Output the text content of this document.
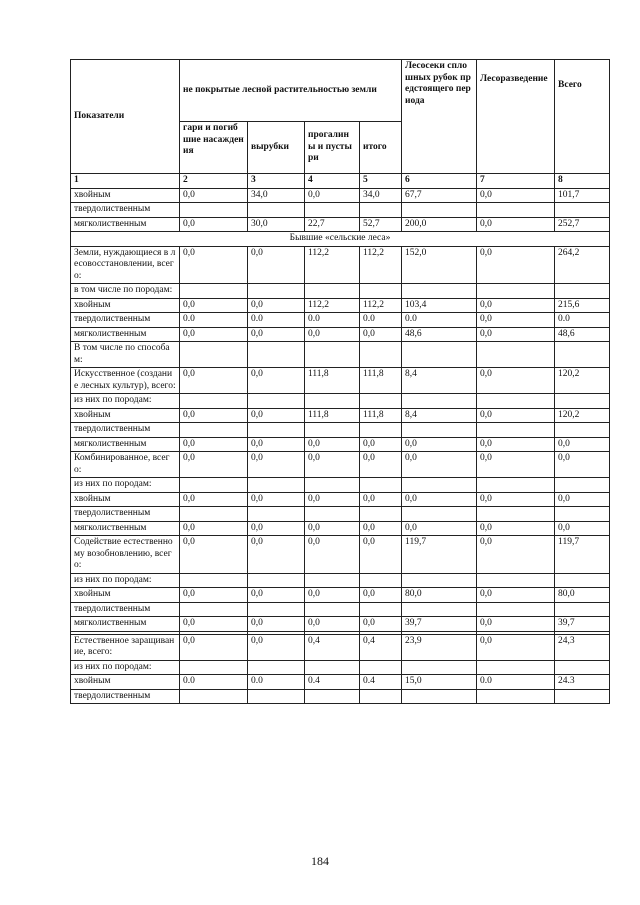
Показатели	не покрытые лесной растительностью земли				Лесосеки сплошных рубок предстоящего периода	Лесоразведение	Всего
	гари и погибшие насаждения	вырубки	прогалины и пустыри	итого			
1	2	3	4	5	6	7	8
хвойным	0,0	34,0	0,0	34,0	67,7	0,0	101,7
твердолиственным							
мягколиственным	0,0	30,0	22,7	52,7	200,0	0,0	252,7
Бывшие «сельские леса»							
Земли, нуждающиеся в лесовосстановлении, всего:	0,0	0,0	112,2	112,2	152,0	0,0	264,2
в том числе по породам:							
хвойным	0,0	0,0	112,2	112,2	103,4	0,0	215,6
твердолиственным	0.0	0.0	0.0	0.0	0.0	0,0	0.0
мягколиственным	0,0	0,0	0,0	0,0	48,6	0,0	48,6
В том числе по способам:							
Искусственное (создание лесных культур), всего:	0,0	0,0	111,8	111,8	8,4	0,0	120,2
из них по породам:							
хвойным	0,0	0,0	111,8	111,8	8,4	0,0	120,2
твердолиственным							
мягколиственным	0,0	0,0	0,0	0,0	0,0	0,0	0,0
Комбинированное, всего:	0,0	0,0	0,0	0,0	0,0	0,0	0,0
из них по породам:							
хвойным	0,0	0,0	0,0	0,0	0,0	0,0	0,0
твердолиственным							
мягколиственным	0,0	0,0	0,0	0,0	0,0	0,0	0,0
Содействие естественному возобновлению, всего:	0,0	0,0	0,0	0,0	119,7	0,0	119,7
из них по породам:							
хвойным	0,0	0,0	0,0	0,0	80,0	0,0	80,0
твердолиственным							
мягколиственным	0,0	0,0	0,0	0,0	39,7	0,0	39,7

Естественное заращивание, всего:	0,0	0,0	0,4	0,4	23,9	0,0	24,3
из них по породам:							
хвойным	0.0	0.0	0.4	0.4	15,0	0.0	24.3
твердолиственным							
184
